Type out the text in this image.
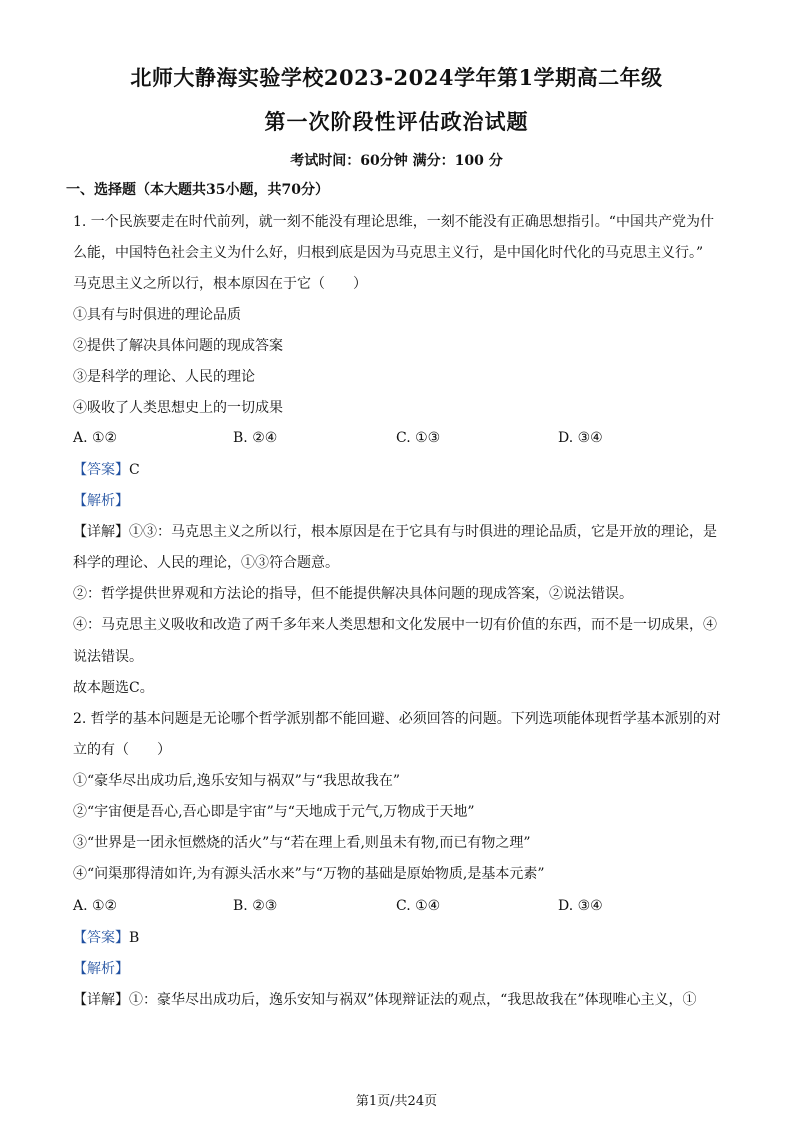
北师大静海实验学校2023-2024学年第1学期高二年级
第一次阶段性评估政治试题
考试时间：60分钟 满分：100 分
一、选择题（本大题共35小题，共70分）
1. 一个民族要走在时代前列，就一刻不能没有理论思维，一刻不能没有正确思想指引。“中国共产党为什
么能，中国特色社会主义为什么好，归根到底是因为马克思主义行，是中国化时代化的马克思主义行。”
马克思主义之所以行，根本原因在于它（　　）
①具有与时俱进的理论品质
②提供了解决具体问题的现成答案
③是科学的理论、人民的理论
④吸收了人类思想史上的一切成果
A. ①②	B. ②④	C. ①③	D. ③④
【答案】C
【解析】
【详解】①③：马克思主义之所以行，根本原因是在于它具有与时俱进的理论品质，它是开放的理论，是
科学的理论、人民的理论，①③符合题意。
②：哲学提供世界观和方法论的指导，但不能提供解决具体问题的现成答案，②说法错误。
④：马克思主义吸收和改造了两千多年来人类思想和文化发展中一切有价值的东西，而不是一切成果，④
说法错误。
故本题选C。
2. 哲学的基本问题是无论哪个哲学派别都不能回避、必须回答的问题。下列选项能体现哲学基本派别的对
立的有（　　）
①“豪华尽出成功后,逸乐安知与祸双”与“我思故我在”
②“宇宙便是吾心,吾心即是宇宙”与“天地成于元气,万物成于天地”
③“世界是一团永恒燃烧的活火”与“若在理上看,则虽未有物,而已有物之理”
④“问渠那得清如许,为有源头活水来”与“万物的基础是原始物质,是基本元素”
A. ①②	B. ②③	C. ①④	D. ③④
【答案】B
【解析】
【详解】①：豪华尽出成功后，逸乐安知与祸双”体现辩证法的观点，“我思故我在”体现唯心主义，①
第1页/共24页
